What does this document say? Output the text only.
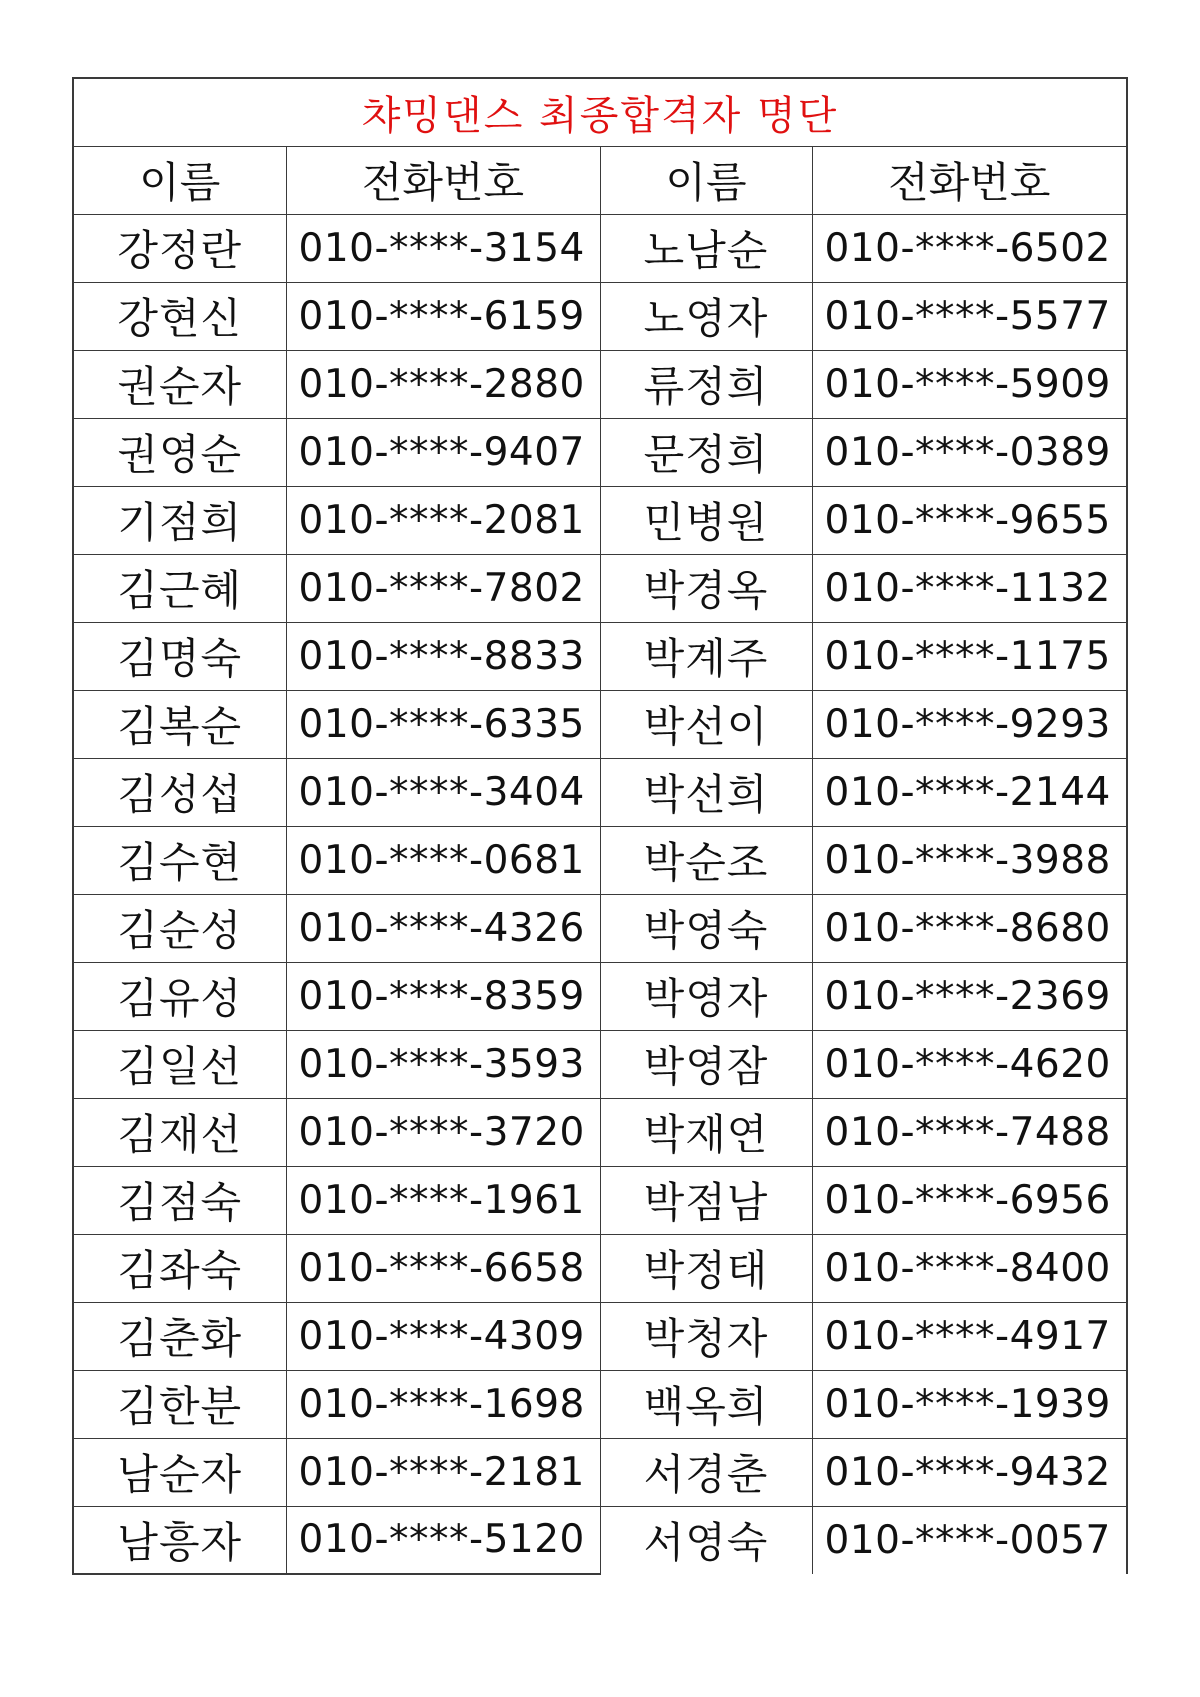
챠밍댄스 최종합격자 명단			
이름	전화번호	이름	전화번호
강정란	010-****-3154	노남순	010-****-6502
강현신	010-****-6159	노영자	010-****-5577
권순자	010-****-2880	류정희	010-****-5909
권영순	010-****-9407	문정희	010-****-0389
기점희	010-****-2081	민병원	010-****-9655
김근혜	010-****-7802	박경옥	010-****-1132
김명숙	010-****-8833	박계주	010-****-1175
김복순	010-****-6335	박선이	010-****-9293
김성섭	010-****-3404	박선희	010-****-2144
김수현	010-****-0681	박순조	010-****-3988
김순성	010-****-4326	박영숙	010-****-8680
김유성	010-****-8359	박영자	010-****-2369
김일선	010-****-3593	박영잠	010-****-4620
김재선	010-****-3720	박재연	010-****-7488
김점숙	010-****-1961	박점남	010-****-6956
김좌숙	010-****-6658	박정태	010-****-8400
김춘화	010-****-4309	박청자	010-****-4917
김한분	010-****-1698	백옥희	010-****-1939
남순자	010-****-2181	서경춘	010-****-9432
남흥자	010-****-5120	서영숙	010-****-0057
